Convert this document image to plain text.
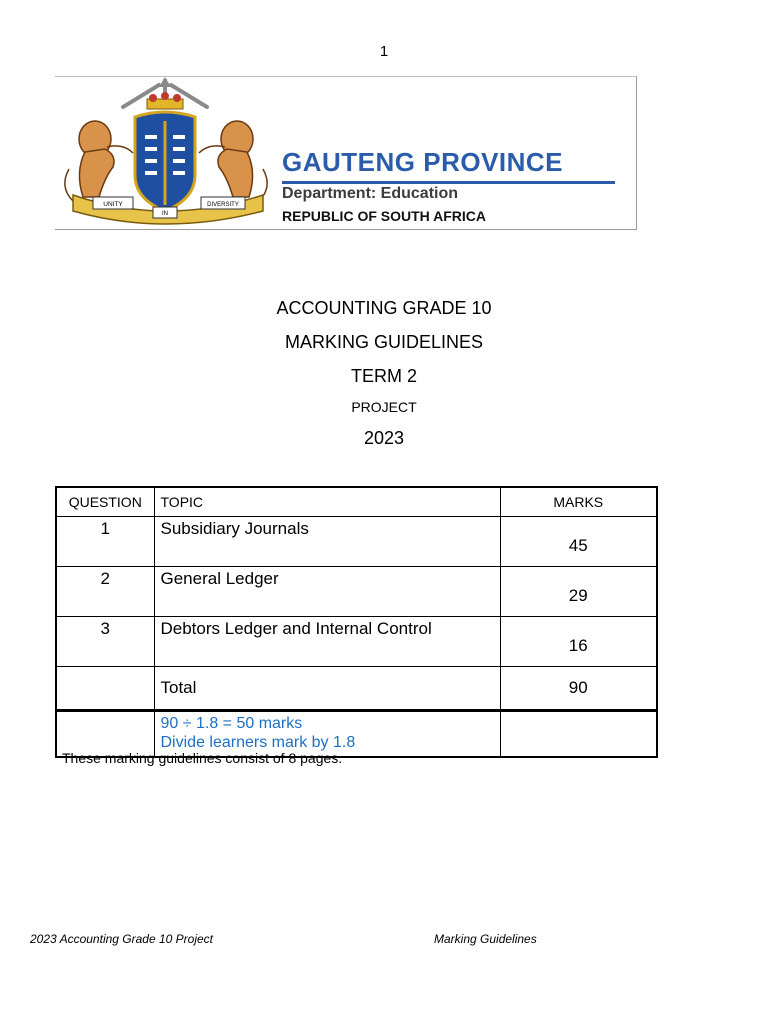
1
UNITY
IN
DIVERSITY
GAUTENG PROVINCE
Department: Education
REPUBLIC OF SOUTH AFRICA
ACCOUNTING GRADE 10
MARKING GUIDELINES
TERM 2
PROJECT
2023
QUESTION	TOPIC	MARKS
1	Subsidiary Journals	45
2	General Ledger	29
3	Debtors Ledger and Internal Control	16
	Total	90

	90 ÷ 1.8 = 50 marks
Divide learners mark by 1.8	

These marking guidelines consist of 8 pages.
2023 Accounting Grade 10 Project	Marking Guidelines
